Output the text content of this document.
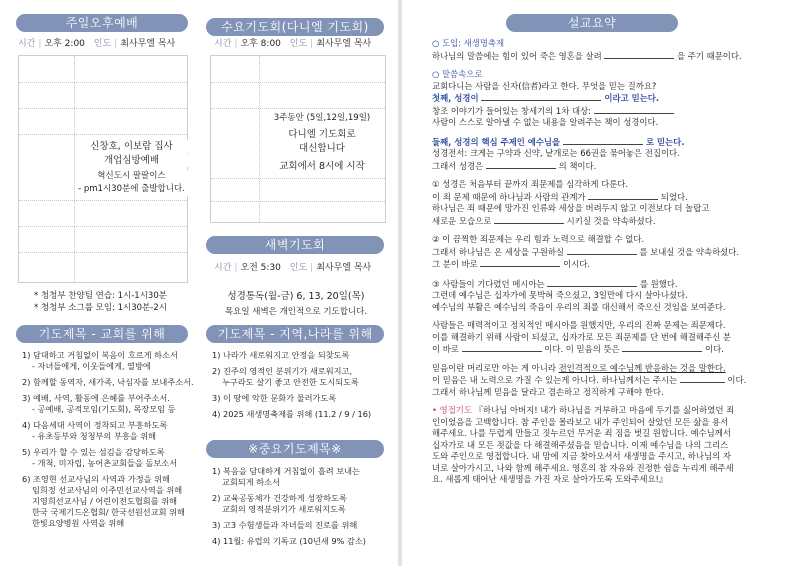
주일오후예배
시간 | 오후 2:00 인도 | 최사무엘 목사
신창호, 이보람 집사
개업심방예배
혁신도시 팔팔이스
- pm1시30분에 출발합니다.
* 청청부 찬양팀 연습: 1시-1시30분
* 청청부 소그룹 모임: 1시30분-2시
수요기도회(다니엘 기도회)
시간 | 오후 8:00 인도 | 최사무엘 목사
3주동안 (5일,12일,19일)
다니엘 기도회로
대신합니다
교회에서 8시에 시작
새벽기도회
시간 | 오전 5:30 인도 | 최사무엘 목사
성경통독(월-금) 6, 13, 20일(목)
목요일 새벽은 개인적으로 기도합니다.
기도제목 - 교회를 위해
1) 담대하고 거침없이 복음이 흐르게 하소서
- 자녀들에게, 이웃들에게, 열방에
2) 함께할 동역자, 새가족, 낙심자를 보내주소서.
3) 예배, 사역, 활동에 은혜를 부어주소서.
- 공예배, 공적모임(기도회), 목장모임 등
4) 다음세대 사역이 정착되고 부흥하도록
- 유초등부와 청청부의 부흥을 위해
5) 우리가 할 수 있는 섬김을 감당하도록
- 개척, 미자립, 농어촌교회들을 돌보소서
6) 조영현 선교사님의 사역과 가정을 위해
임희정 선교사님의 이주민선교사역을 위해
지영희선교사님 / 어린이전도협회를 위해
한국 국제기드온협회/ 한국선원선교회 위해
한빛요양병원 사역을 위해
기도제목 - 지역,나라를 위해
1) 나라가 새로워지고 안정을 되찾도록
2) 진주의 영적인 분위기가 새로워지고,
누구라도 살기 좋고 안전한 도시되도록
3) 이 땅에 악한 문화가 물러가도록
4) 2025 새생명축제를 위해 (11.2 / 9 / 16)
※중요기도제목※
1) 복음을 담대하게 거침없이 흘려 보내는
교회되게 하소서
2) 교육공동체가 건강하게 성장하도록
교회의 영적분위기가 새로워지도록
3) 고3 수험생들과 자녀들의 진로를 위해
4) 11월: 유럽의 기독교 (10년새 9% 감소)
설교요약

○ 도입: 새생명축제

하나님의 말씀에는 힘이 있어 죽은 영혼을 살려	을 주기 때문이다.

○ 말씀속으로

교회다니는 사람을 신자(信者)라고 한다. 무엇을 믿는 걸까요?

첫째, 성경이	이라고 믿는다.

창조 이야기가 들어있는 창세기의 1차 대상:

사람이 스스로 알아낼 수 없는 내용을 알려주는 책이 성경이다.

둘째, 성경의 핵심 주제인 예수님을	로 믿는다.

성경전서: 크게는 구약과 신약, 낱개로는 66권을 묶어놓은 전집이다.

그래서 성경은	의 책이다.

① 성경은 처음부터 끝까지 죄문제를 심각하게 다룬다.

이 죄 문제 때문에 하나님과 사람의 관계가	되었다.

하나님은 죄 때문에 망가진 인류와 세상을 버려두지 않고 이전보다 더 놀랍고

새로운 모습으로	시키실 것을 약속하셨다.

② 이 끔찍한 죄문제는 우리 힘과 노력으로 해결할 수 없다.

그래서 하나님은 온 세상을 구원하실	를 보내실 것을 약속하셨다.

그 분이 바로	이시다.

③ 사람들이 기다렸던 메시아는	를 원했다.

그런데 예수님은 십자가에 못박혀 죽으셨고, 3일만에 다시 살아나셨다.

예수님의 부활은 예수님의 죽음이 우리의 죄를 대신해서 죽으신 것임을 보여준다.

사람들은 매력적이고 정치적인 메시아를 원했지만, 우리의 진짜 문제는 죄문제다.

이를 해결하기 위해 사람이 되셨고, 십자가로 모든 죄문제를 단 번에 해결해주신 분

이 바로	이다. 이 믿음의 뜻은	이다.

믿음이란 머리로만 아는 게 아니라 전인격적으로 예수님께 반응하는 것을 말한다.

이 믿음은 내 노력으로 가질 수 있는게 아니다. 하나님께서는 주시는	이다.

그래서 하나님께 믿음을 달라고 겸손하고 정직하게 구해야 한다.

• 영접기도 『하나님 아버지! 내가 하나님을 거부하고 마음에 두기를 싫어하였던 죄

인이었음을 고백합니다. 참 주인을 몰라보고 내가 주인되어 살았던 모든 삶을 용서

해주세요. 나를 두렵게 만들고 짓누르던 무거운 죄 짐을 벗길 원합니다. 예수님께서

십자가로 내 모든 죗값을 다 해결해주셨음을 믿습니다. 이제 예수님을 나의 그리스

도와 주인으로 영접합니다. 내 맘에 지금 찾아오셔서 새생명을 주시고, 하나님의 자

녀로 살아가시고, 나와 함께 해주세요. 영혼의 참 자유와 진정한 쉼을 누리게 해주세

요. 새롭게 태어난 새생명을 가진 자로 살아가도록 도와주세요!』
